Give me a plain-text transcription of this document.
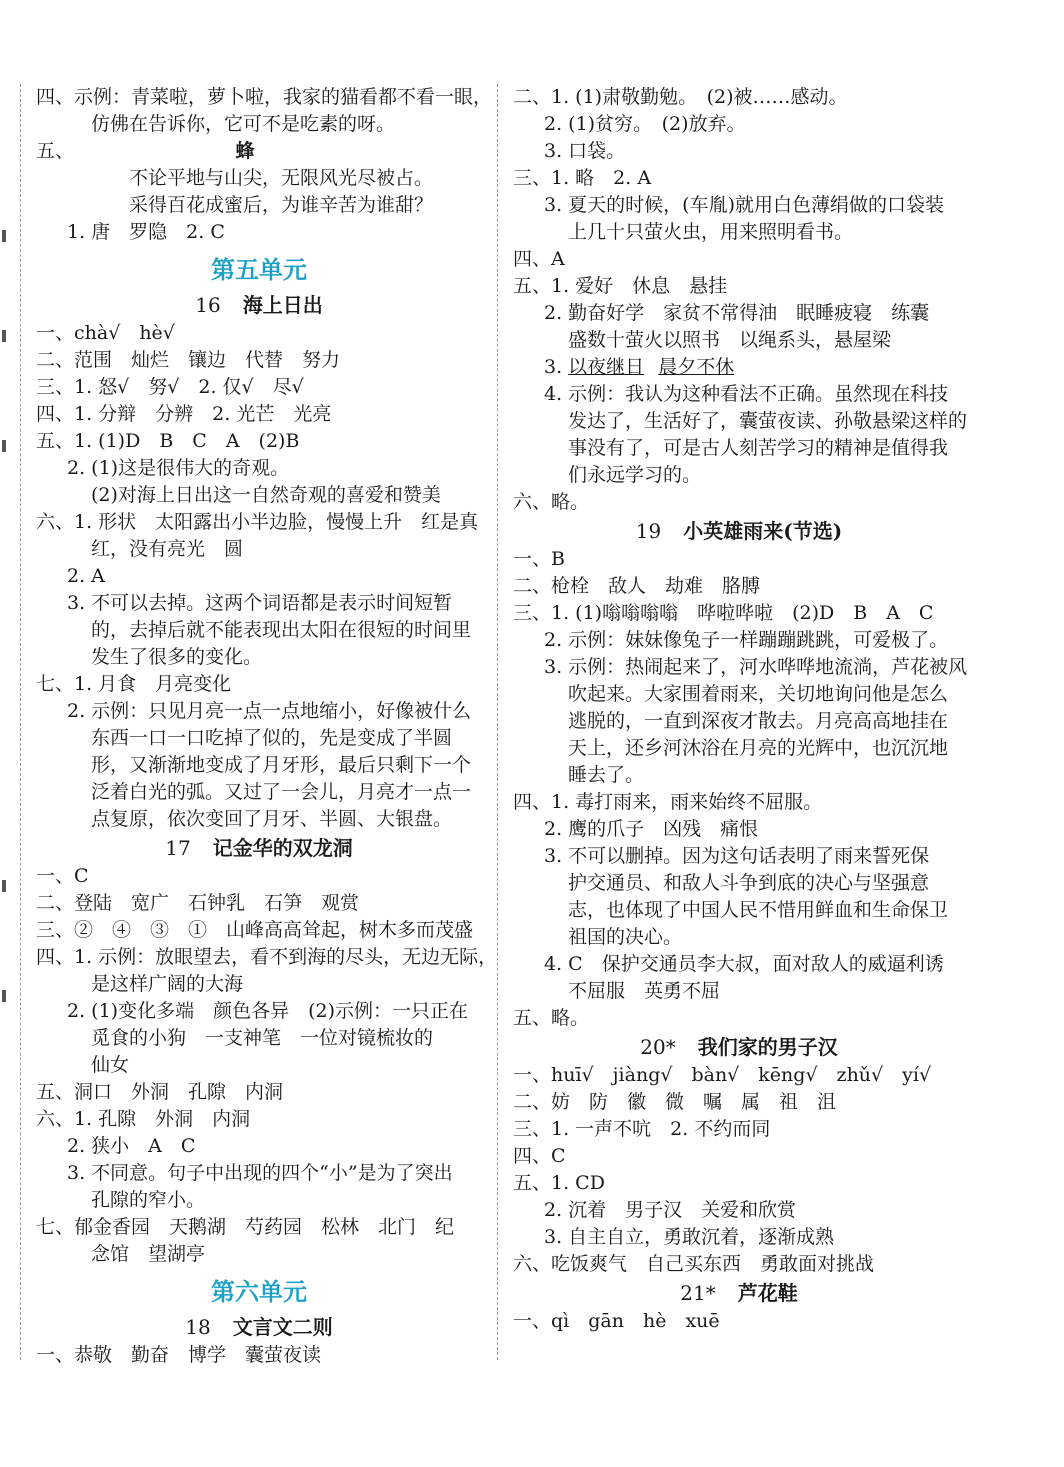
四、示例：青菜啦，萝卜啦，我家的猫看都不看一眼，
仿佛在告诉你，它可不是吃素的呀。
五、	蜂
不论平地与山尖，无限风光尽被占。
采得百花成蜜后，为谁辛苦为谁甜？
1. 唐　罗隐　2. C
第五单元
16 海上日出
一、chà√　hè√
二、范围　灿烂　镶边　代替　努力
三、1. 怒√　努√　2. 仅√　尽√
四、1. 分辩　分辨　2. 光芒　光亮
五、1. (1)D　B　C　A　(2)B
2. (1)这是很伟大的奇观。
(2)对海上日出这一自然奇观的喜爱和赞美
六、1. 形状　太阳露出小半边脸，慢慢上升　红是真
红，没有亮光　圆
2. A
3. 不可以去掉。这两个词语都是表示时间短暂
的，去掉后就不能表现出太阳在很短的时间里
发生了很多的变化。
七、1. 月食　月亮变化
2. 示例：只见月亮一点一点地缩小，好像被什么
东西一口一口吃掉了似的，先是变成了半圆
形，又渐渐地变成了月牙形，最后只剩下一个
泛着白光的弧。又过了一会儿，月亮才一点一
点复原，依次变回了月牙、半圆、大银盘。
17 记金华的双龙洞
一、C
二、登陆　宽广　石钟乳　石笋　观赏
三、②　④　③　①　山峰高高耸起，树木多而茂盛
四、1. 示例：放眼望去，看不到海的尽头，无边无际，
是这样广阔的大海
2. (1)变化多端　颜色各异　(2)示例：一只正在
觅食的小狗　一支神笔　一位对镜梳妆的
仙女
五、洞口　外洞　孔隙　内洞
六、1. 孔隙　外洞　内洞
2. 狭小　A　C
3. 不同意。句子中出现的四个“小”是为了突出
孔隙的窄小。
七、郁金香园　天鹅湖　芍药园　松林　北门　纪
念馆　望湖亭
第六单元
18 文言文二则
一、恭敬　勤奋　博学　囊萤夜读
二、1. (1)肃敬勤勉。　(2)被……感动。
2. (1)贫穷。　(2)放弃。
3. 口袋。
三、1. 略　2. A
3. 夏天的时候，(车胤)就用白色薄绢做的口袋装
上几十只萤火虫，用来照明看书。
四、A
五、1. 爱好　休息　悬挂
2. 勤奋好学　家贫不常得油　眠睡疲寝　练囊
盛数十萤火以照书　以绳系头，悬屋梁
3. 以夜继日 晨夕不休
4. 示例：我认为这种看法不正确。虽然现在科技
发达了，生活好了，囊萤夜读、孙敬悬梁这样的
事没有了，可是古人刻苦学习的精神是值得我
们永远学习的。
六、略。
19 小英雄雨来(节选)
一、B
二、枪栓　敌人　劫难　胳膊
三、1. (1)嗡嗡嗡嗡　哗啦哗啦　(2)D　B　A　C
2. 示例：妹妹像兔子一样蹦蹦跳跳，可爱极了。
3. 示例：热闹起来了，河水哗哗地流淌，芦花被风
吹起来。大家围着雨来，关切地询问他是怎么
逃脱的，一直到深夜才散去。月亮高高地挂在
天上，还乡河沐浴在月亮的光辉中，也沉沉地
睡去了。
四、1. 毒打雨来，雨来始终不屈服。
2. 鹰的爪子　凶残　痛恨
3. 不可以删掉。因为这句话表明了雨来誓死保
护交通员、和敌人斗争到底的决心与坚强意
志，也体现了中国人民不惜用鲜血和生命保卫
祖国的决心。
4. C　保护交通员李大叔，面对敌人的威逼利诱
不屈服　英勇不屈
五、略。
20* 我们家的男子汉
一、huī√　jiàng√　bàn√　kēng√　zhǔ√　yí√
二、妨　防　徽　微　嘱　属　祖　沮
三、1. 一声不吭　2. 不约而同
四、C
五、1. CD
2. 沉着　男子汉　关爱和欣赏
3. 自主自立，勇敢沉着，逐渐成熟
六、吃饭爽气　自己买东西　勇敢面对挑战
21* 芦花鞋
一、qì　gān　hè　xuē
